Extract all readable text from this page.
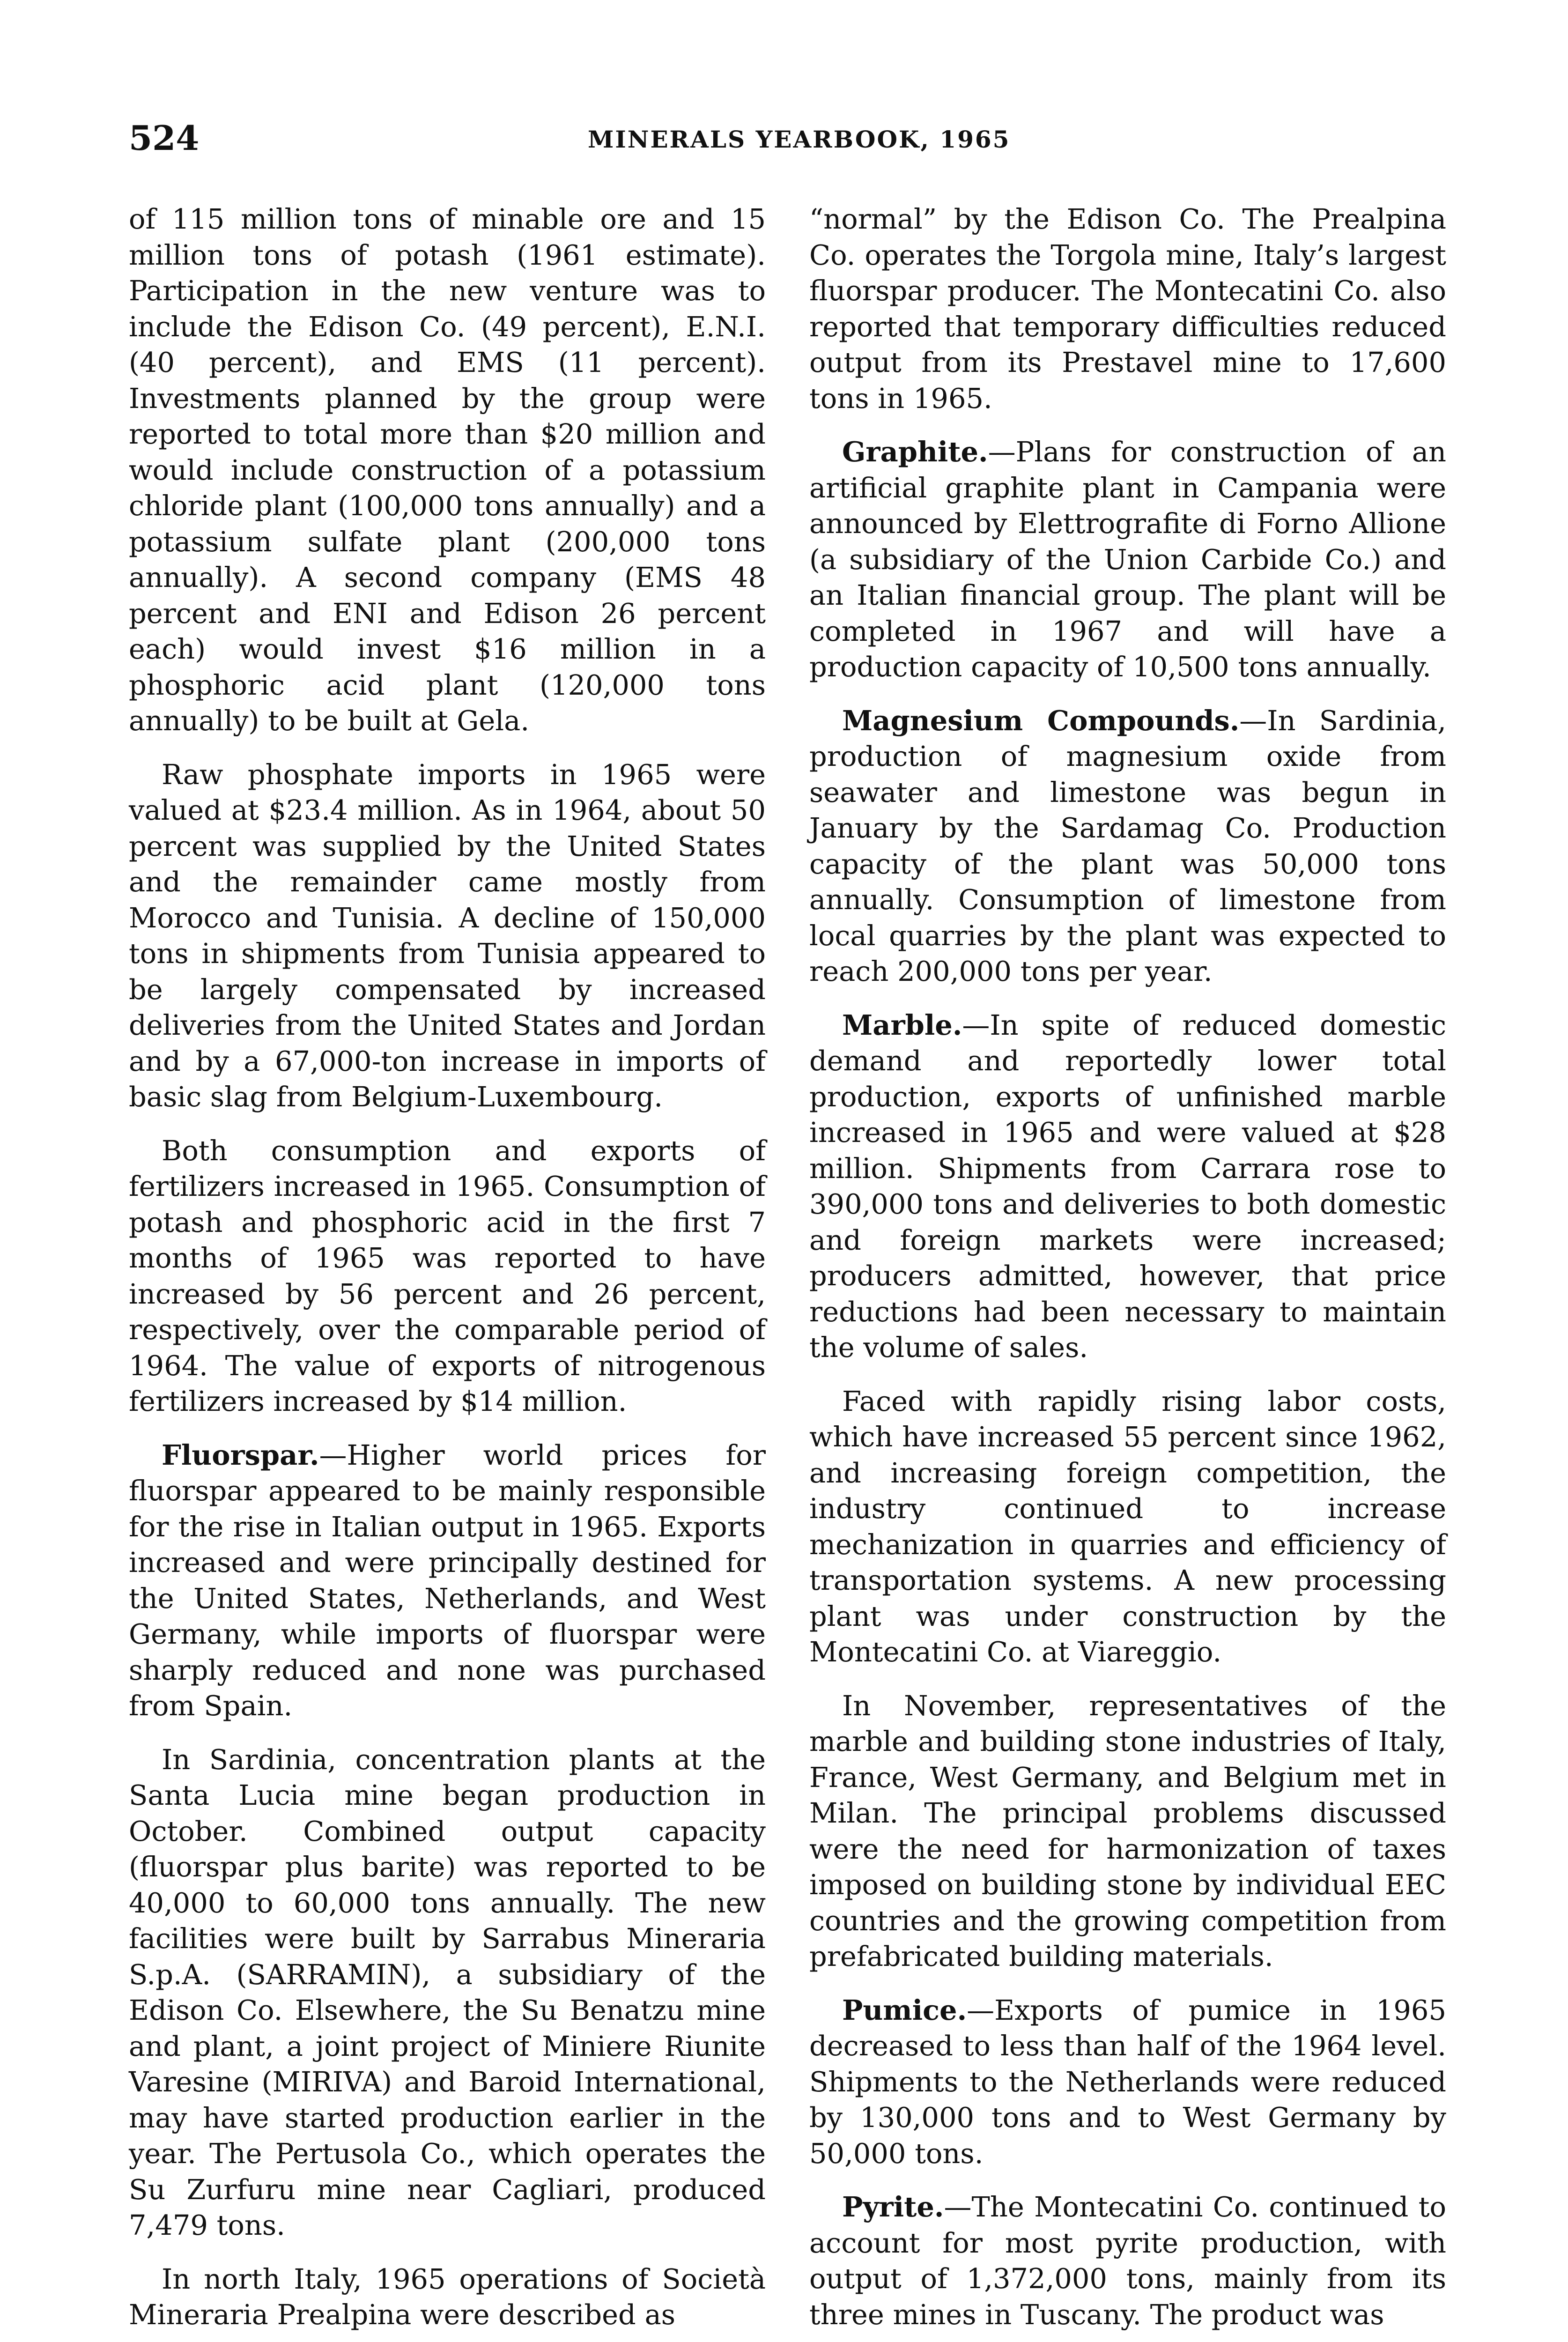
524	MINERALS YEARBOOK, 1965

of 115 million tons of minable ore and 15 million tons of potash (1961 estimate). Participation in the new venture was to include the Edison Co. (49 percent), E.N.I. (40 percent), and EMS (11 percent). Investments planned by the group were reported to total more than $20 million and would include construction of a potassium chloride plant (100,000 tons annually) and a potassium sulfate plant (200,000 tons annually). A second company (EMS 48 percent and ENI and Edison 26 percent each) would invest $16 million in a phosphoric acid plant (120,000 tons annually) to be built at Gela.

Raw phosphate imports in 1965 were valued at $23.4 million. As in 1964, about 50 percent was supplied by the United States and the remainder came mostly from Morocco and Tunisia. A decline of 150,000 tons in shipments from Tunisia appeared to be largely compensated by increased deliveries from the United States and Jordan and by a 67,000-ton increase in imports of basic slag from Belgium-Luxembourg.

Both consumption and exports of fertilizers increased in 1965. Consumption of potash and phosphoric acid in the first 7 months of 1965 was reported to have increased by 56 percent and 26 percent, respectively, over the comparable period of 1964. The value of exports of nitrogenous fertilizers increased by $14 million.

Fluorspar.—Higher world prices for fluorspar appeared to be mainly responsible for the rise in Italian output in 1965. Exports increased and were principally destined for the United States, Netherlands, and West Germany, while imports of fluorspar were sharply reduced and none was purchased from Spain.

In Sardinia, concentration plants at the Santa Lucia mine began production in October. Combined output capacity (fluorspar plus barite) was reported to be 40,000 to 60,000 tons annually. The new facilities were built by Sarrabus Mineraria S.p.A. (SARRAMIN), a subsidiary of the Edison Co. Elsewhere, the Su Benatzu mine and plant, a joint project of Miniere Riunite Varesine (MIRIVA) and Baroid International, may have started production earlier in the year. The Pertusola Co., which operates the Su Zurfuru mine near Cagliari, produced 7,479 tons.

In north Italy, 1965 operations of Società Mineraria Prealpina were described as

“normal” by the Edison Co. The Prealpina Co. operates the Torgola mine, Italy’s largest fluorspar producer. The Montecatini Co. also reported that temporary difficulties reduced output from its Prestavel mine to 17,600 tons in 1965.

Graphite.—Plans for construction of an artificial graphite plant in Campania were announced by Elettrografite di Forno Allione (a subsidiary of the Union Carbide Co.) and an Italian financial group. The plant will be completed in 1967 and will have a production capacity of 10,500 tons annually.

Magnesium Compounds.—In Sardinia, production of magnesium oxide from seawater and limestone was begun in January by the Sardamag Co. Production capacity of the plant was 50,000 tons annually. Consumption of limestone from local quarries by the plant was expected to reach 200,000 tons per year.

Marble.—In spite of reduced domestic demand and reportedly lower total production, exports of unfinished marble increased in 1965 and were valued at $28 million. Shipments from Carrara rose to 390,000 tons and deliveries to both domestic and foreign markets were increased; producers admitted, however, that price reductions had been necessary to maintain the volume of sales.

Faced with rapidly rising labor costs, which have increased 55 percent since 1962, and increasing foreign competition, the industry continued to increase mechanization in quarries and efficiency of transportation systems. A new processing plant was under construction by the Montecatini Co. at Viareggio.

In November, representatives of the marble and building stone industries of Italy, France, West Germany, and Belgium met in Milan. The principal problems discussed were the need for harmonization of taxes imposed on building stone by individual EEC countries and the growing competition from prefabricated building materials.

Pumice.—Exports of pumice in 1965 decreased to less than half of the 1964 level. Shipments to the Netherlands were reduced by 130,000 tons and to West Germany by 50,000 tons.

Pyrite.—The Montecatini Co. continued to account for most pyrite production, with output of 1,372,000 tons, mainly from its three mines in Tuscany. The product was
